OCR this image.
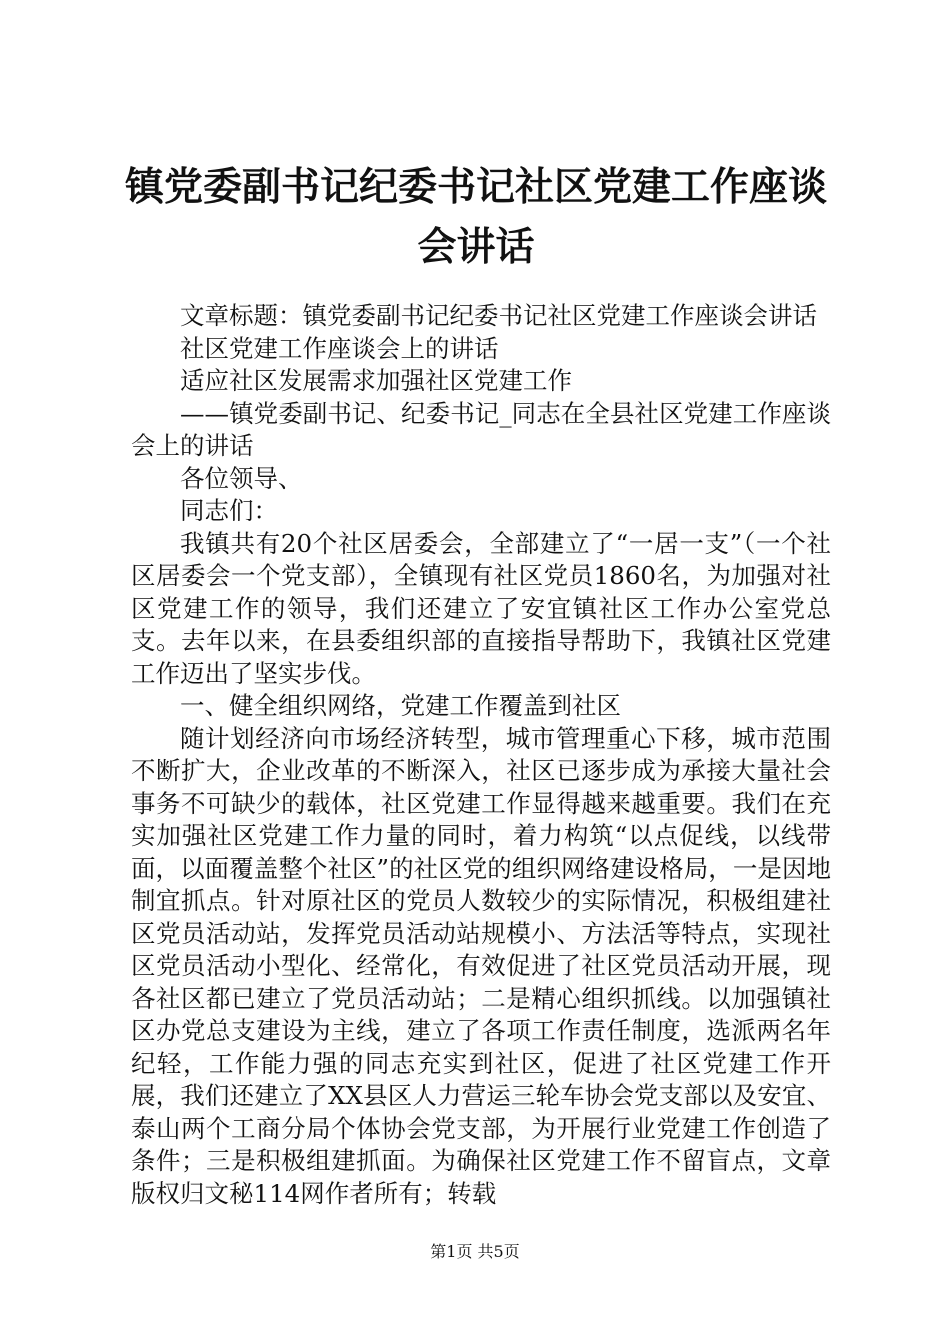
镇党委副书记纪委书记社区党建工作座谈会讲话

文章标题：镇党委副书记纪委书记社区党建工作座谈会讲话

社区党建工作座谈会上的讲话

适应社区发展需求加强社区党建工作

——镇党委副书记、纪委书记_同志在全县社区党建工作座谈会上的讲话

各位领导、

同志们：

我镇共有20个社区居委会，全部建立了“一居一支”（一个社区居委会一个党支部），全镇现有社区党员1860名，为加强对社区党建工作的领导，我们还建立了安宜镇社区工作办公室党总支。去年以来，在县委组织部的直接指导帮助下，我镇社区党建工作迈出了坚实步伐。

一、健全组织网络，党建工作覆盖到社区

随计划经济向市场经济转型，城市管理重心下移，城市范围不断扩大，企业改革的不断深入，社区已逐步成为承接大量社会事务不可缺少的载体，社区党建工作显得越来越重要。我们在充实加强社区党建工作力量的同时，着力构筑“以点促线，以线带面，以面覆盖整个社区”的社区党的组织网络建设格局，一是因地制宜抓点。针对原社区的党员人数较少的实际情况，积极组建社区党员活动站，发挥党员活动站规模小、方法活等特点，实现社区党员活动小型化、经常化，有效促进了社区党员活动开展，现各社区都已建立了党员活动站；二是精心组织抓线。以加强镇社区办党总支建设为主线，建立了各项工作责任制度，选派两名年纪轻，工作能力强的同志充实到社区，促进了社区党建工作开展，我们还建立了XX县区人力营运三轮车协会党支部以及安宜、泰山两个工商分局个体协会党支部，为开展行业党建工作创造了条件；三是积极组建抓面。为确保社区党建工作不留盲点，文章版权归文秘114网作者所有；转载

第1页 共5页
